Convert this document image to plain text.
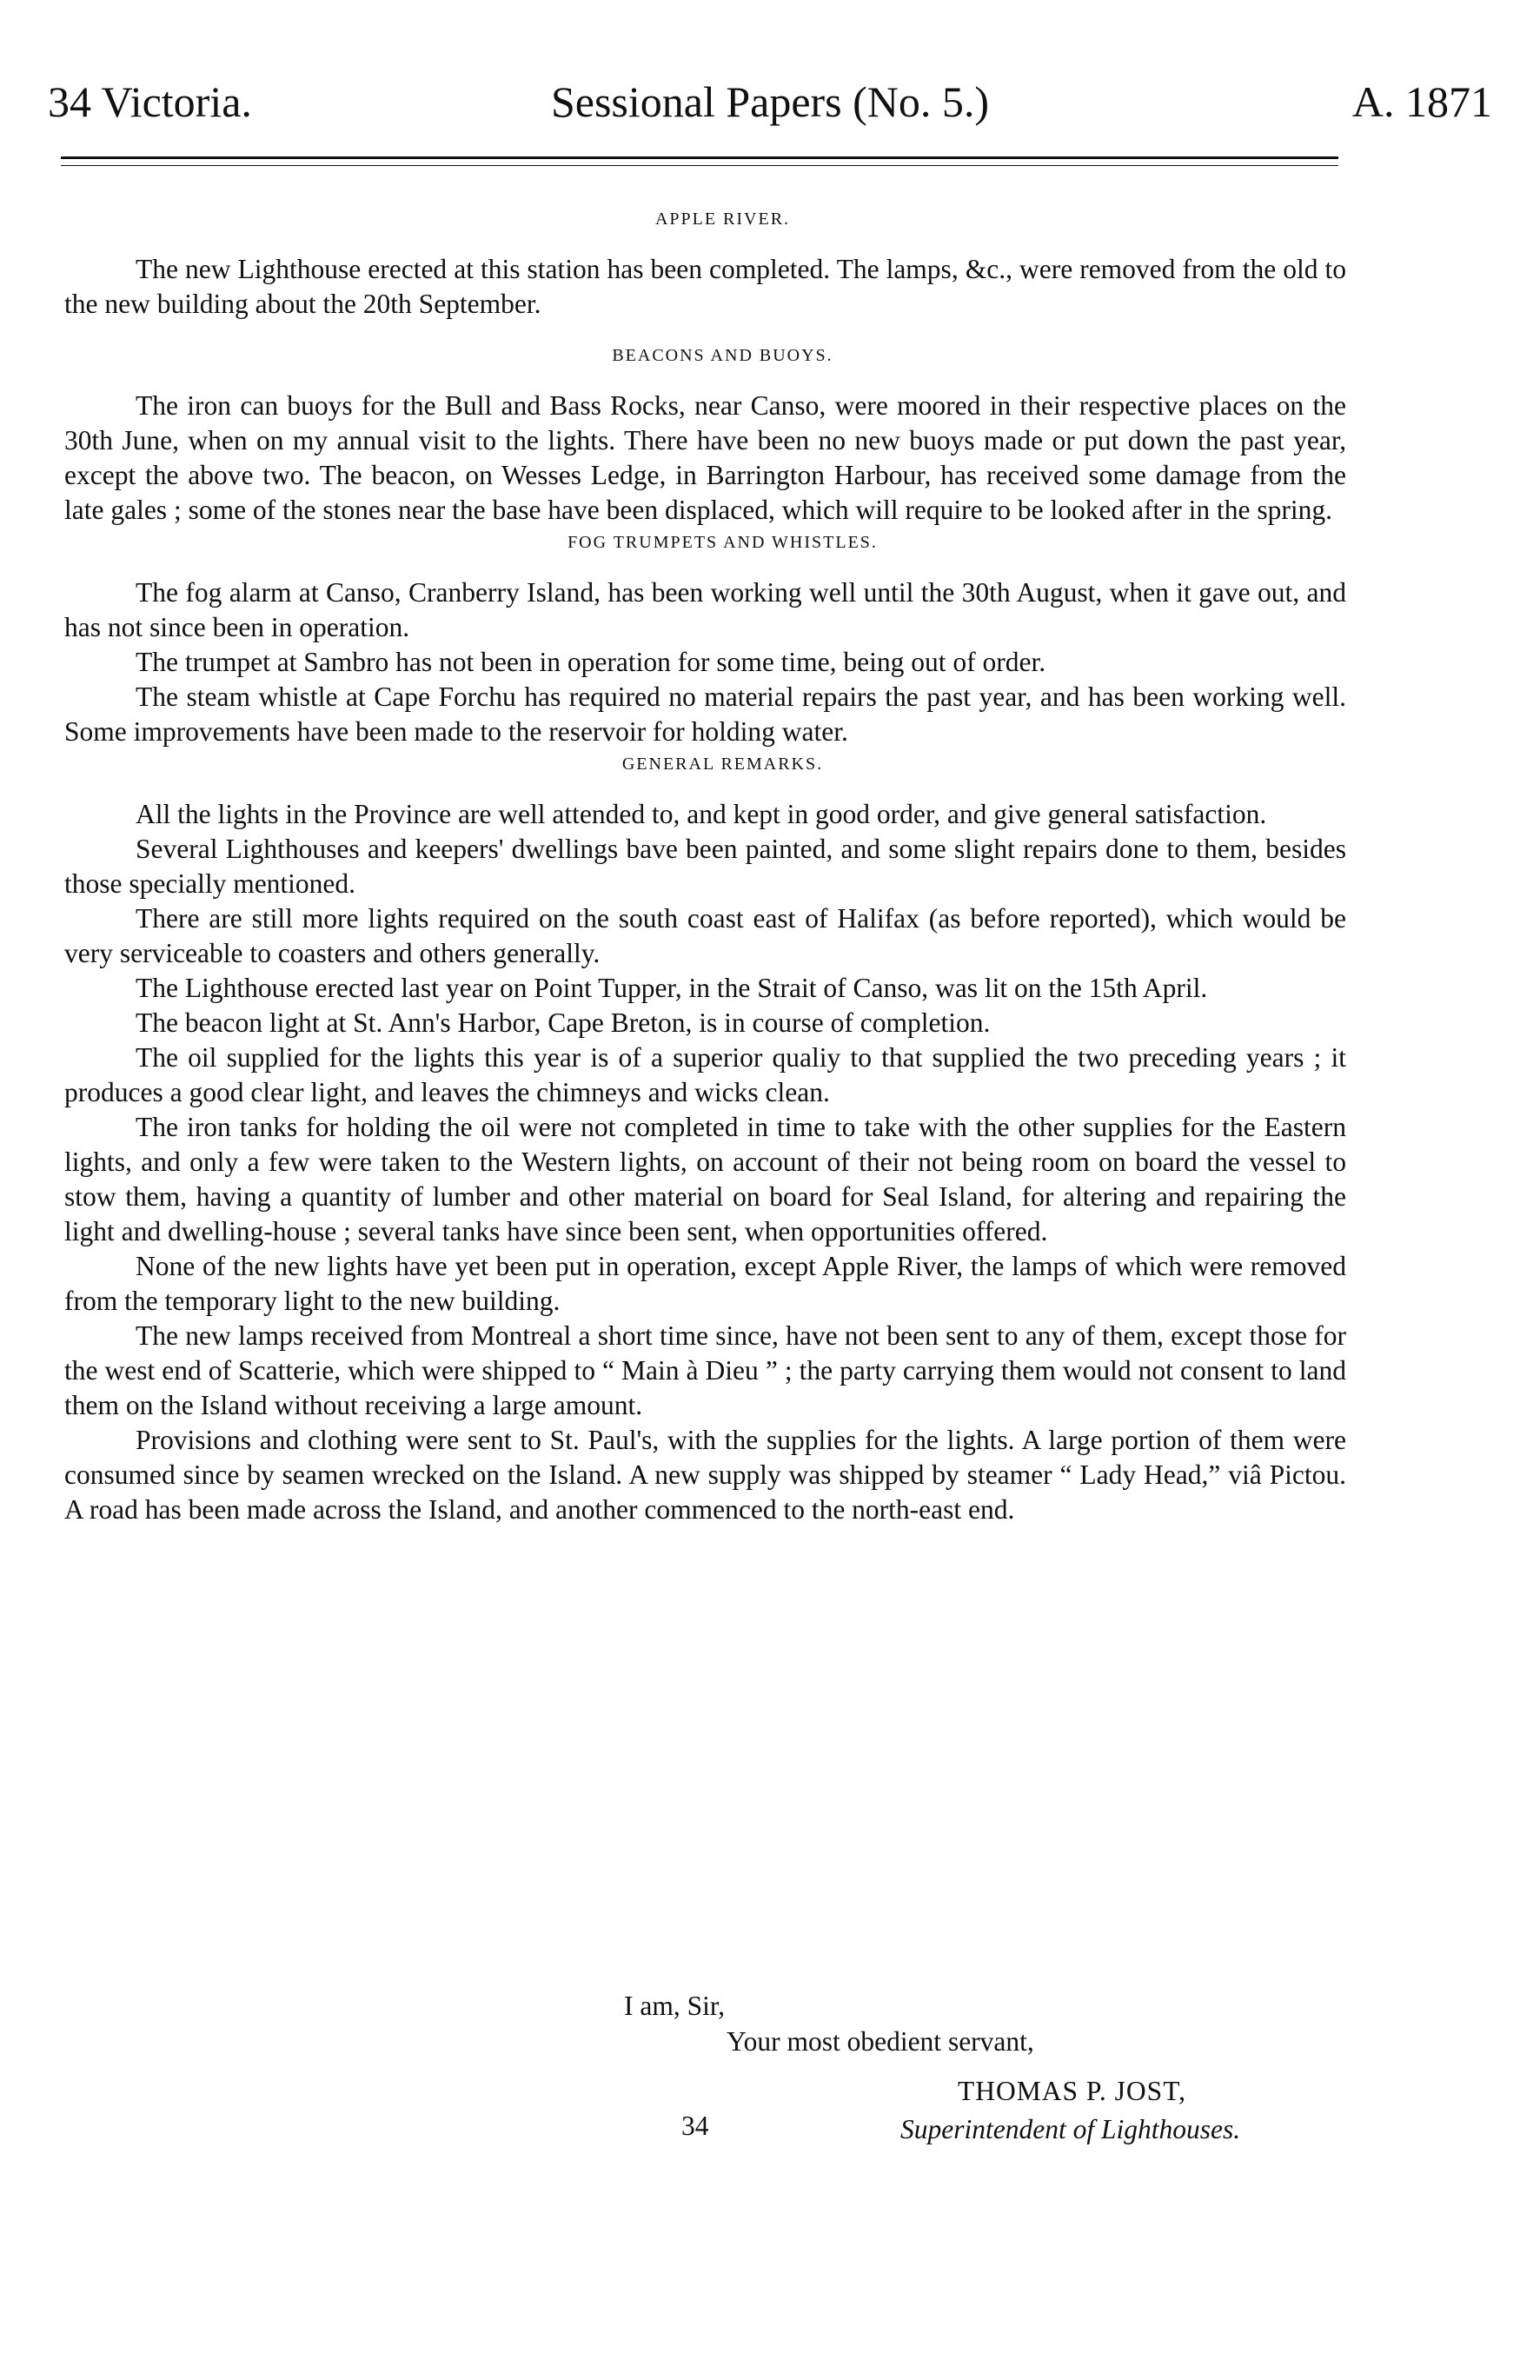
34 Victoria.	Sessional Papers (No. 5.)	A. 1871

APPLE RIVER.

The new Lighthouse erected at this station has been completed. The lamps, &c., were removed from the old to the new building about the 20th September.

BEACONS AND BUOYS.

The iron can buoys for the Bull and Bass Rocks, near Canso, were moored in their respective places on the 30th June, when on my annual visit to the lights. There have been no new buoys made or put down the past year, except the above two. The beacon, on Wesses Ledge, in Barrington Harbour, has received some damage from the late gales ; some of the stones near the base have been displaced, which will require to be looked after in the spring.

FOG TRUMPETS AND WHISTLES.

The fog alarm at Canso, Cranberry Island, has been working well until the 30th August, when it gave out, and has not since been in operation.

The trumpet at Sambro has not been in operation for some time, being out of order.

The steam whistle at Cape Forchu has required no material repairs the past year, and has been working well. Some improvements have been made to the reservoir for holding water.

GENERAL REMARKS.

All the lights in the Province are well attended to, and kept in good order, and give general satisfaction.

Several Lighthouses and keepers' dwellings bave been painted, and some slight repairs done to them, besides those specially mentioned.

There are still more lights required on the south coast east of Halifax (as before reported), which would be very serviceable to coasters and others generally.

The Lighthouse erected last year on Point Tupper, in the Strait of Canso, was lit on the 15th April.

The beacon light at St. Ann's Harbor, Cape Breton, is in course of completion.

The oil supplied for the lights this year is of a superior qualiy to that supplied the two preceding years ; it produces a good clear light, and leaves the chimneys and wicks clean.

The iron tanks for holding the oil were not completed in time to take with the other supplies for the Eastern lights, and only a few were taken to the Western lights, on account of their not being room on board the vessel to stow them, having a quantity of lumber and other material on board for Seal Island, for altering and repairing the light and dwelling-house ; several tanks have since been sent, when opportunities offered.

None of the new lights have yet been put in operation, except Apple River, the lamps of which were removed from the temporary light to the new building.

The new lamps received from Montreal a short time since, have not been sent to any of them, except those for the west end of Scatterie, which were shipped to “ Main à Dieu ” ; the party carrying them would not consent to land them on the Island without receiving a large amount.

Provisions and clothing were sent to St. Paul's, with the supplies for the lights. A large portion of them were consumed since by seamen wrecked on the Island. A new supply was shipped by steamer “ Lady Head,” viâ Pictou. A road has been made across the Island, and another commenced to the north-east end.

I am, Sir,
Your most obedient servant,
THOMAS P. JOST,
Superintendent of Lighthouses.
34
